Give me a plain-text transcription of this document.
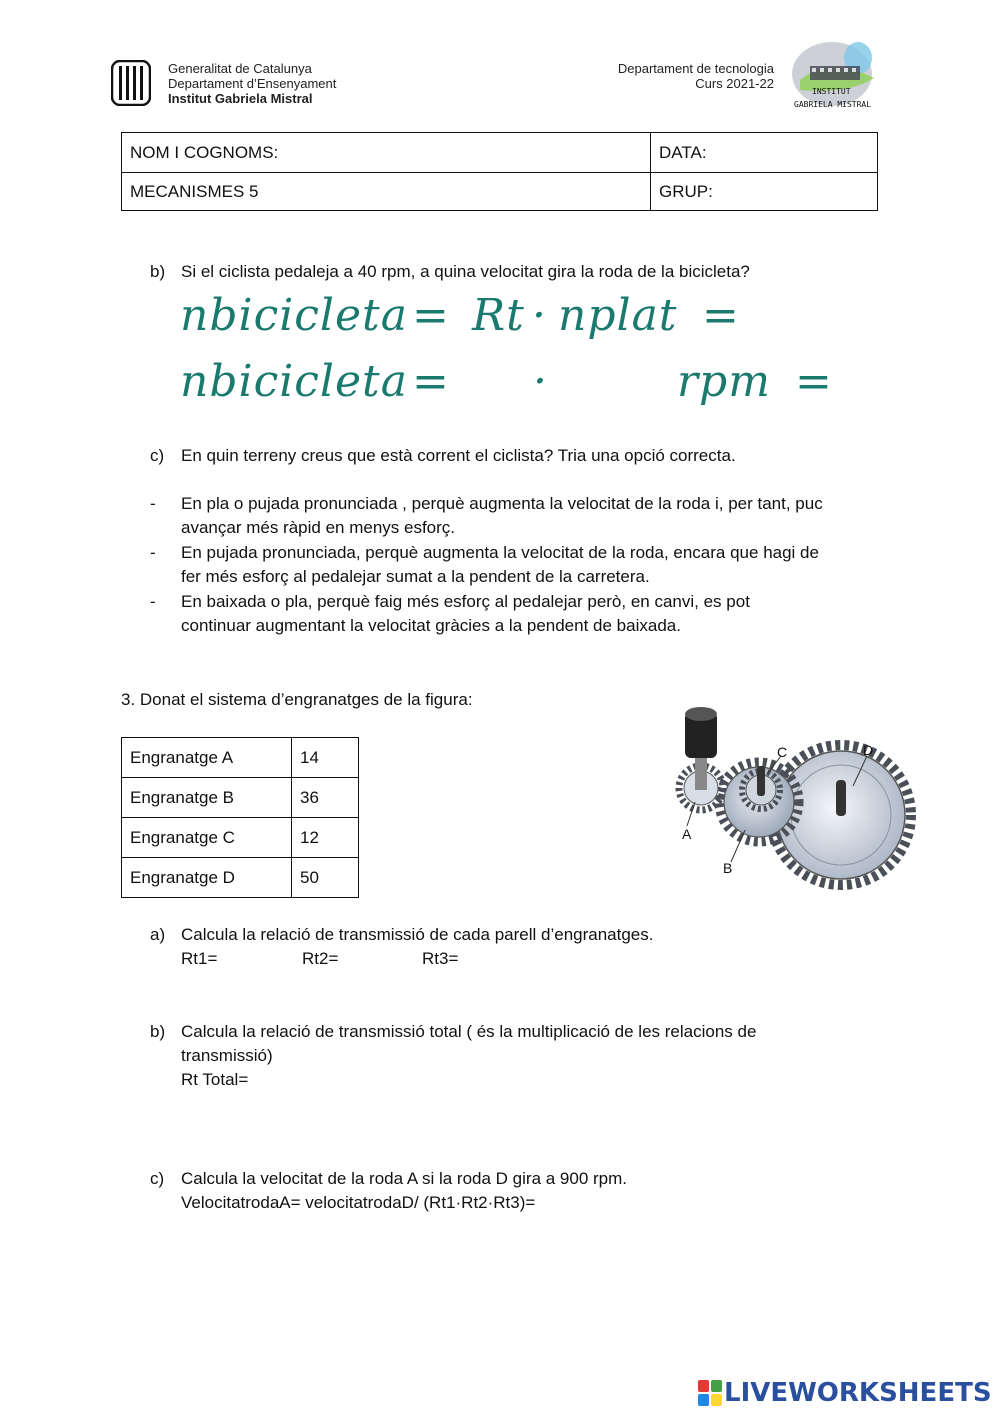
Generalitat de Catalunya
Departament d’Ensenyament
Institut Gabriela Mistral
Departament de tecnologia
Curs 2021-22
INSTITUT
GABRIELA MISTRAL
NOM I COGNOMS:	DATA:
MECANISMES 5	GRUP:
b) Si el ciclista pedaleja a 40 rpm, a quina velocitat gira la roda de la bicicleta?
nbicicleta = Rt · nplat =
nbicicleta = ·	rpm =
c) En quin terreny creus que està corrent el ciclista? Tria una opció correcta.
- En pla o pujada pronunciada , perquè augmenta la velocitat de la roda i, per tant, puc
avançar més ràpid en menys esforç.
- En pujada pronunciada, perquè augmenta la velocitat de la roda, encara que hagi de
fer més esforç al pedalejar sumat a la pendent de la carretera.
- En baixada o pla, perquè faig més esforç al pedalejar però, en canvi, es pot
continuar augmentant la velocitat gràcies a la pendent de baixada.
3. Donat el sistema d’engranatges de la figura:
Engranatge A	14
Engranatge B	36
Engranatge C	12
Engranatge D	50
A
B
C	D
a) Calcula la relació de transmissió de cada parell d’engranatges.
Rt1=	Rt2=	Rt3=
b) Calcula la relació de transmissió total ( és la multiplicació de les relacions de
transmissió)
Rt Total=
c) Calcula la velocitat de la roda A si la roda D gira a 900 rpm.
VelocitatrodaA= velocitatrodaD/ (Rt1·Rt2·Rt3)=
LIVEWORKSHEETS
